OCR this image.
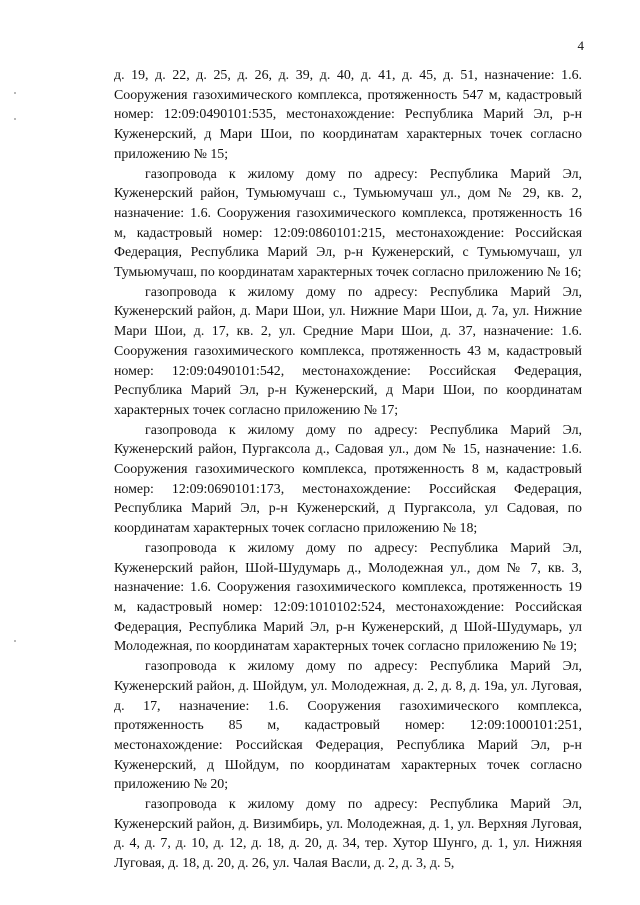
4

д. 19, д. 22, д. 25, д. 26, д. 39, д. 40, д. 41, д. 45, д. 51, назначение: 1.6. Сооружения газохимического комплекса, протяженность 547 м, кадастровый номер: 12:09:0490101:535, местонахождение: Республика Марий Эл, р-н Куженерский, д Мари Шои, по координатам характерных точек согласно приложению № 15;

газопровода к жилому дому по адресу: Республика Марий Эл, Куженерский район, Тумьюмучаш с., Тумьюмучаш ул., дом № 29, кв. 2, назначение: 1.6. Сооружения газохимического комплекса, протяженность 16 м, кадастровый номер: 12:09:0860101:215, местонахождение: Российская Федерация, Республика Марий Эл, р-н Куженерский, с Тумьюмучаш, ул Тумьюмучаш, по координатам характерных точек согласно приложению № 16;

газопровода к жилому дому по адресу: Республика Марий Эл, Куженерский район, д. Мари Шои, ул. Нижние Мари Шои, д. 7а, ул. Нижние Мари Шои, д. 17, кв. 2, ул. Средние Мари Шои, д. 37, назначение: 1.6. Сооружения газохимического комплекса, протяженность 43 м, кадастровый номер: 12:09:0490101:542, местонахождение: Российская Федерация, Республика Марий Эл, р-н Куженерский, д Мари Шои, по координатам характерных точек согласно приложению № 17;

газопровода к жилому дому по адресу: Республика Марий Эл, Куженерский район, Пургаксола д., Садовая ул., дом № 15, назначение: 1.6. Сооружения газохимического комплекса, протяженность 8 м, кадастровый номер: 12:09:0690101:173, местонахождение: Российская Федерация, Республика Марий Эл, р-н Куженерский, д Пургаксола, ул Садовая, по координатам характерных точек согласно приложению № 18;

газопровода к жилому дому по адресу: Республика Марий Эл, Куженерский район, Шой-Шудумарь д., Молодежная ул., дом № 7, кв. 3, назначение: 1.6. Сооружения газохимического комплекса, протяженность 19 м, кадастровый номер: 12:09:1010102:524, местонахождение: Российская Федерация, Республика Марий Эл, р-н Куженерский, д Шой-Шудумарь, ул Молодежная, по координатам характерных точек согласно приложению № 19;

газопровода к жилому дому по адресу: Республика Марий Эл, Куженерский район, д. Шойдум, ул. Молодежная, д. 2, д. 8, д. 19а, ул. Луговая, д. 17, назначение: 1.6. Сооружения газохимического комплекса, протяженность 85 м, кадастровый номер: 12:09:1000101:251, местонахождение: Российская Федерация, Республика Марий Эл, р-н Куженерский, д Шойдум, по координатам характерных точек согласно приложению № 20;

газопровода к жилому дому по адресу: Республика Марий Эл, Куженерский район, д. Визимбирь, ул. Молодежная, д. 1, ул. Верхняя Луговая, д. 4, д. 7, д. 10, д. 12, д. 18, д. 20, д. 34, тер. Хутор Шунго, д. 1, ул. Нижняя Луговая, д. 18, д. 20, д. 26, ул. Чалая Васли, д. 2, д. 3, д. 5,
